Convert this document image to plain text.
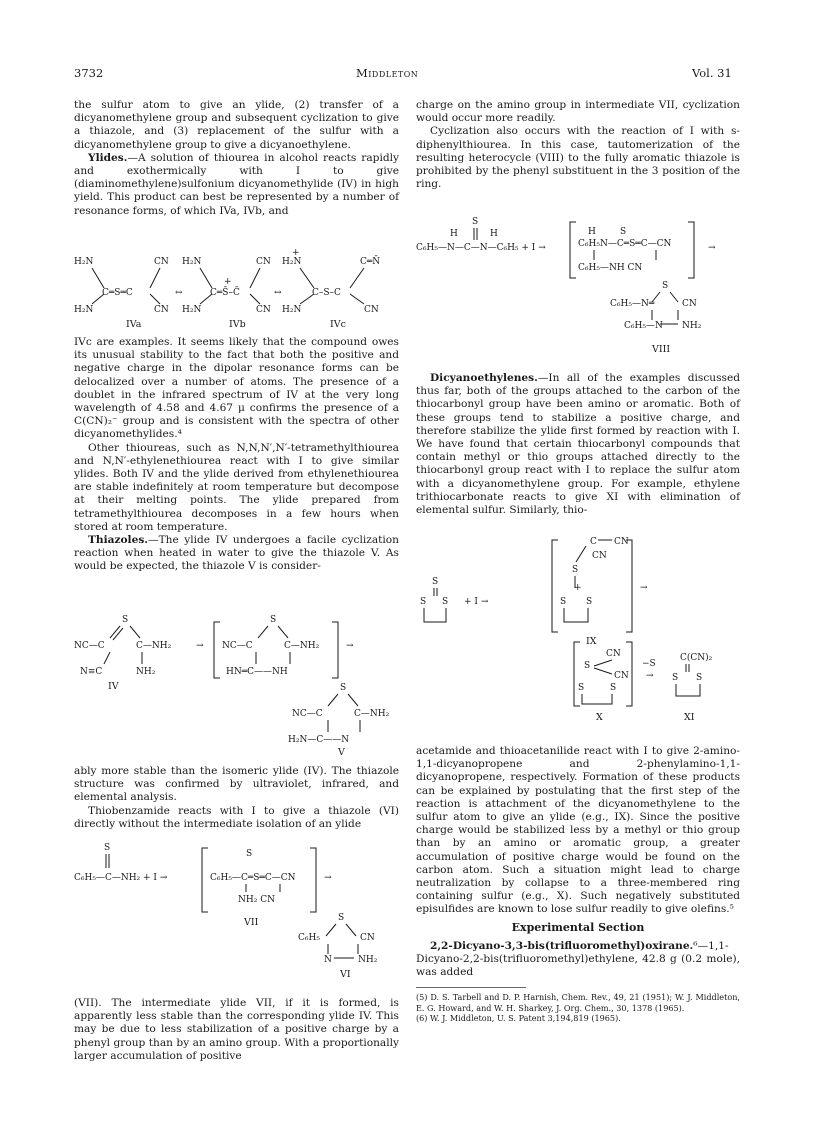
3732	Middleton	Vol. 31

the sulfur atom to give an ylide, (2) transfer of a dicyanomethylene group and subsequent cyclization to give a thiazole, and (3) replacement of the sulfur with a dicyanomethylene group to give a dicyanoethylene.

Ylides.—A solution of thiourea in alcohol reacts rapidly and exothermically with I to give (diaminomethylene)sulfonium dicyanomethylide (IV) in high yield. This product can best be represented by a number of resonance forms, of which IVa, IVb, and

H₂N
H₂N
C═S═C
CN
CN
IVa
↔
H₂N
H₂N
C═S̄–C̄
+
CN
CN
IVb
↔
H₂N
+
H₂N
C–S–C
C═N̄
CN
IVc

IVc are examples. It seems likely that the compound owes its unusual stability to the fact that both the positive and negative charge in the dipolar resonance forms can be delocalized over a number of atoms. The presence of a doublet in the infrared spectrum of IV at the very long wavelength of 4.58 and 4.67 μ confirms the presence of a C(CN)₂⁻ group and is consistent with the spectra of other dicyanomethylides.⁴

Other thioureas, such as N,N,N′,N′-tetramethylthiourea and N,N′-ethylenethiourea react with I to give similar ylides. Both IV and the ylide derived from ethylenethiourea are stable indefinitely at room temperature but decompose at their melting points. The ylide prepared from tetramethylthiourea decomposes in a few hours when stored at room temperature.

Thiazoles.—The ylide IV undergoes a facile cyclization reaction when heated in water to give the thiazole V. As would be expected, the thiazole V is consider-

S
NC—C	C—NH₂
N≡C	NH₂
IV
→
S
NC—C	C—NH₂
HN═C——NH
→
S
NC—C	C—NH₂
H₂N—C——N
V

ably more stable than the isomeric ylide (IV). The thiazole structure was confirmed by ultraviolet, infrared, and elemental analysis.

Thiobenzamide reacts with I to give a thiazole (VI) directly without the intermediate isolation of an ylide

S
C₆H₅—C—NH₂ + I →
S
C₆H₅—C═S═C—CN
NH₂ CN
→
VII	S
C₆H₅	CN
N	NH₂
VI

(VII). The intermediate ylide VII, if it is formed, is apparently less stable than the corresponding ylide IV. This may be due to less stabilization of a positive charge by a phenyl group than by an amino group. With a proportionally larger accumulation of positive

charge on the amino group in intermediate VII, cyclization would occur more readily.

Cyclization also occurs with the reaction of I with s-diphenylthiourea. In this case, tautomerization of the resulting heterocycle (VIII) to the fully aromatic thiazole is prohibited by the phenyl substituent in the 3 position of the ring.

S
H	H
C₆H₅—N—C—N—C₆H₅ + I →
H	S
C₆H₅N—C═S═C—CN
C₆H₅—NH CN
→
S
C₆H₅—N═	CN
C₆H₅—N NH₂
VIII

Dicyanoethylenes.—In all of the examples discussed thus far, both of the groups attached to the carbon of the thiocarbonyl group have been amino or aromatic. Both of these groups tend to stabilize a positive charge, and therefore stabilize the ylide first formed by reaction with I. We have found that certain thiocarbonyl compounds that contain methyl or thio groups attached directly to the thiocarbonyl group react with I to replace the sulfur atom with a dicyanomethylene group. For example, ethylene trithiocarbonate reacts to give XI with elimination of elemental sulfur. Similarly, thio-

S
S S + I →
C CN
CN
S
+
S S
→
IX
CN
S
CN
S	S
X
−S
→
C(CN)₂
S S
XI

acetamide and thioacetanilide react with I to give 2-amino-1,1-dicyanopropene and 2-phenylamino-1,1-dicyanopropene, respectively. Formation of these products can be explained by postulating that the first step of the reaction is attachment of the dicyanomethylene to the sulfur atom to give an ylide (e.g., IX). Since the positive charge would be stabilized less by a methyl or thio group than by an amino or aromatic group, a greater accumulation of positive charge would be found on the carbon atom. Such a situation might lead to charge neutralization by collapse to a three-membered ring containing sulfur (e.g., X). Such negatively substituted episulfides are known to lose sulfur readily to give olefins.⁵

Experimental Section

2,2-Dicyano-3,3-bis(trifluoromethyl)oxirane.⁶—1,1-Dicyano-2,2-bis(trifluoromethyl)ethylene, 42.8 g (0.2 mole), was added

(5) D. S. Tarbell and D. P. Harnish, Chem. Rev., 49, 21 (1951); W. J. Middleton, E. G. Howard, and W. H. Sharkey, J. Org. Chem., 30, 1378 (1965).

(6) W. J. Middleton, U. S. Patent 3,194,819 (1965).
